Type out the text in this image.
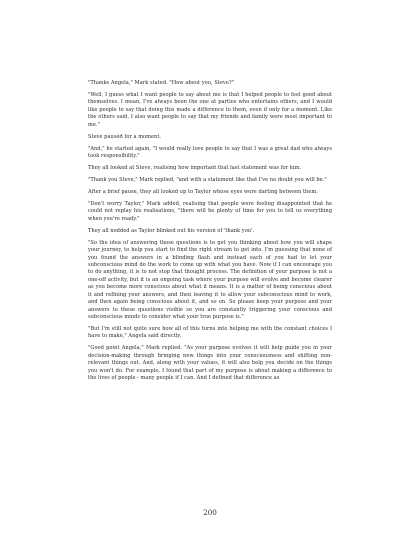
"Thanks Angela," Mark stated. "How about you, Steve?"

"Well, I guess what I want people to say about me is that I helped people to feel good about themselves. I mean, I've always been the one at parties who entertains others, and I would like people to say that doing this made a difference to them, even if only for a moment. Like the others said, I also want people to say that my friends and family were most important to me."

Steve paused for a moment.

"And," he started again, "I would really love people to say that I was a great dad who always took responsibility."

They all looked at Steve, realising how important that last statement was for him.

"Thank you Steve," Mark replied, "and with a statement like that I've no doubt you will be."

After a brief pause, they all looked up to Taylor whose eyes were darting between them.

"Don't worry Taylor," Mark added, realising that people were feeling disappointed that he could not replay his realisations, "there will be plenty of time for you to tell us everything when you're ready."

They all nodded as Taylor blinked out his version of 'thank you'.

"So the idea of answering those questions is to get you thinking about how you will shape your journey, to help you start to find the right stream to get into. I'm guessing that none of you found the answers in a blinding flash and instead each of you had to let your subconscious mind do the work to come up with what you have. Now if I can encourage you to do anything, it is to not stop that thought process. The definition of your purpose is not a one-off activity, but it is an ongoing task where your purpose will evolve and become clearer as you become more conscious about what it means. It is a matter of being conscious about it and refining your answers, and then leaving it to allow your subconscious mind to work, and then again being conscious about it, and so on. So please keep your purpose and your answers to these questions visible so you are constantly triggering your conscious and subconscious minds to consider what your true purpose is."

"But I'm still not quite sure how all of this turns into helping me with the constant choices I have to make," Angela said directly.

"Good point Angela," Mark replied. "As your purpose evolves it will help guide you in your decision-making through bringing new things into your consciousness and shifting non-relevant things out. And, along with your values, it will also help you decide on the things you won't do. For example, I found that part of my purpose is about making a difference to the lives of people - many people if I can. And I defined that difference as

200
